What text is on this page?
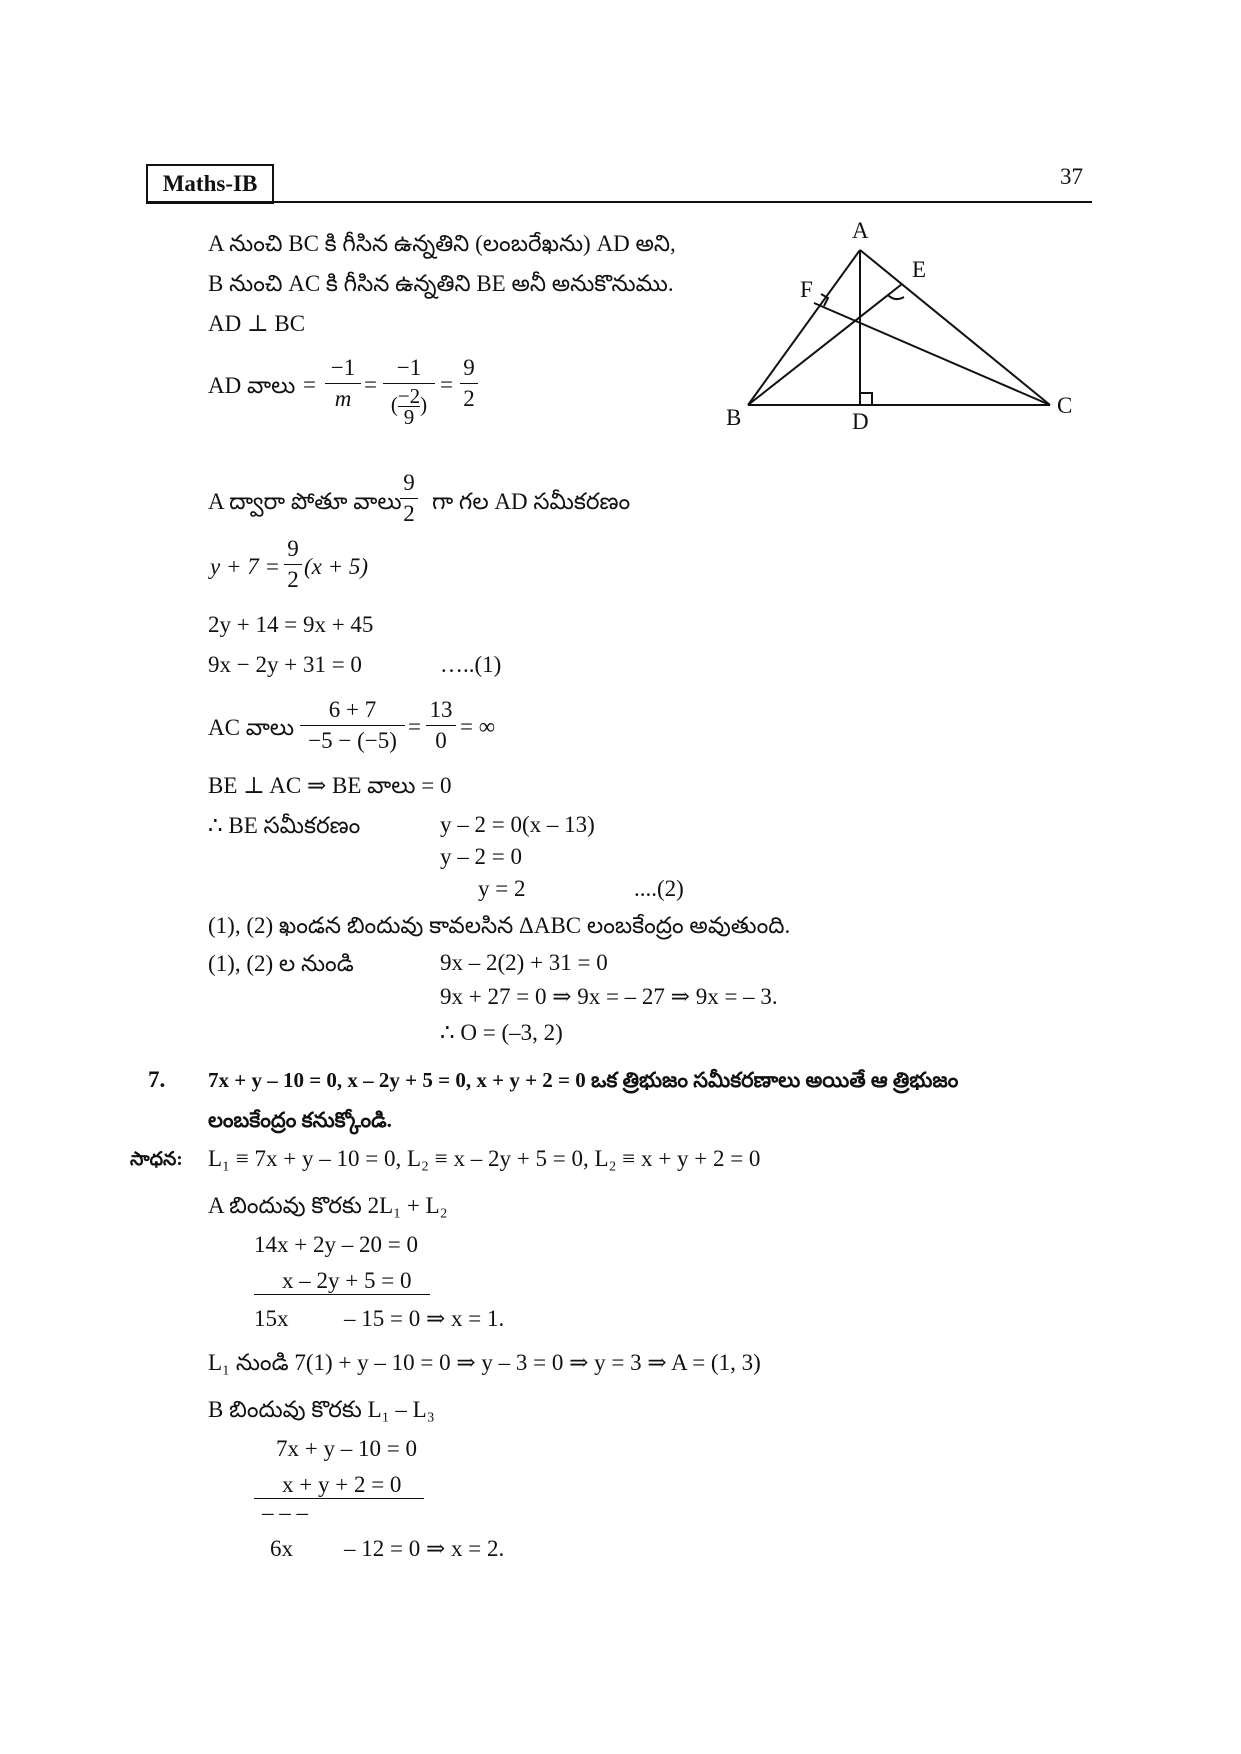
Maths-IB	37
A
E
F
B	D
C
A నుంచి BC కి గీసిన ఉన్నతిని (లంబరేఖను) AD అని,
B నుంచి AC కి గీసిన ఉన్నతిని BE అనీ అనుకొనుము.
AD ⊥ BC
AD వాలు =
−1
m
=
−1
($\frac{-2}{9}$ )
=
9
2
A ద్వారా పోతూ వాలు
9
2 గా గల AD సమీకరణం
y + 7 =
9
2
(x + 5)
2y + 14 = 9x + 45
9x − 2y + 31 = 0	…..(1)
AC వాలు
6 + 7
−5 − (−5)
=
13
0
= ∞
BE ⊥ AC ⇒ BE వాలు = 0
∴ BE సమీకరణం	y – 2 = 0(x – 13)
y – 2 = 0
y = 2	....(2)
(1), (2) ఖండన బిందువు కావలసిన ΔABC లంబకేంద్రం అవుతుంది.
(1), (2) ల నుండి	9x – 2(2) + 31 = 0
9x + 27 = 0 ⇒ 9x = – 27 ⇒ 9x = – 3.
∴ O = (–3, 2)
7. 7x + y – 10 = 0, x – 2y + 5 = 0, x + y + 2 = 0 ఒక త్రిభుజం సమీకరణాలు అయితే ఆ త్రిభుజం
లంబకేంద్రం కనుక్కోండి.
సాధన: L₁ ≡ 7x + y – 10 = 0, L₂ ≡ x – 2y + 5 = 0, L₂ ≡ x + y + 2 = 0
A బిందువు కొరకు 2L₁ + L₂
14x + 2y – 20 = 0
x – 2y + 5 = 0
15x – 15 = 0 ⇒ x = 1.
L₁ నుండి 7(1) + y – 10 = 0 ⇒ y – 3 = 0 ⇒ y = 3 ⇒ A = (1, 3)
B బిందువు కొరకు L₁ – L₃
7x + y – 10 = 0
x + y + 2 = 0
– – –
6x – 12 = 0 ⇒ x = 2.
